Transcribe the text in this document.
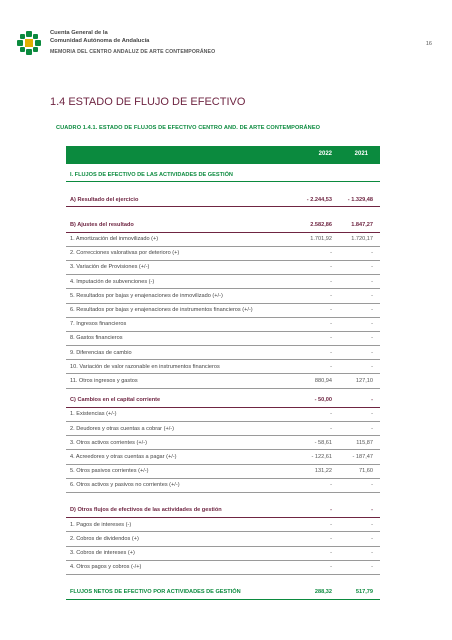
Cuenta General de la
Comunidad Autónoma de Andalucía
MEMORIA DEL CENTRO ANDALUZ DE ARTE CONTEMPORÁNEO
16
1.4 ESTADO DE FLUJO DE EFECTIVO
CUADRO 1.4.1. ESTADO DE FLUJOS DE EFECTIVO CENTRO AND. DE ARTE CONTEMPORÁNEO
2022	2021
I. FLUJOS DE EFECTIVO DE LAS ACTIVIDADES DE GESTIÓN
A) Resultado del ejercicio	- 2.244,53	- 1.329,48
B) Ajustes del resultado	2.582,86	1.847,27
1. Amortización del inmovilizado (+)	1.701,92	1.720,17
2. Correcciones valorativas por deterioro (+)	-	-
3. Variación de Provisiones (+/-)	-	-
4. Imputación de subvenciones (-)	-	-
5. Resultados por bajas y enajenaciones de inmovilizado (+/-)	-	-
6. Resultados por bajas y enajenaciones de instrumentos financieros (+/-)	-	-
7. Ingresos financieros	-	-
8. Gastos financieros	-	-
9. Diferencias de cambio	-	-
10. Variación de valor razonable en instrumentos financieros	-	-
11. Otros ingresos y gastos	880,94	127,10
C) Cambios en el capital corriente	- 50,00	-
1. Existencias (+/-)	-	-
2. Deudores y otras cuentas a cobrar (+/-)	-	-
3. Otros activos corrientes (+/-)	- 58,61	115,87
4. Acreedores y otras cuentas a pagar (+/-)	- 122,61	- 187,47
5. Otros pasivos corrientes (+/-)	131,22	71,60
6. Otros activos y pasivos no corrientes (+/-)	-	-
D) Otros flujos de efectivos de las actividades de gestión	-	-
1. Pagos de intereses (-)	-	-
2. Cobros de dividendos (+)	-	-
3. Cobros de intereses (+)	-	-
4. Otros pagos y cobros (-/+)	-	-
FLUJOS NETOS DE EFECTIVO POR ACTIVIDADES DE GESTIÓN	288,32	517,79
